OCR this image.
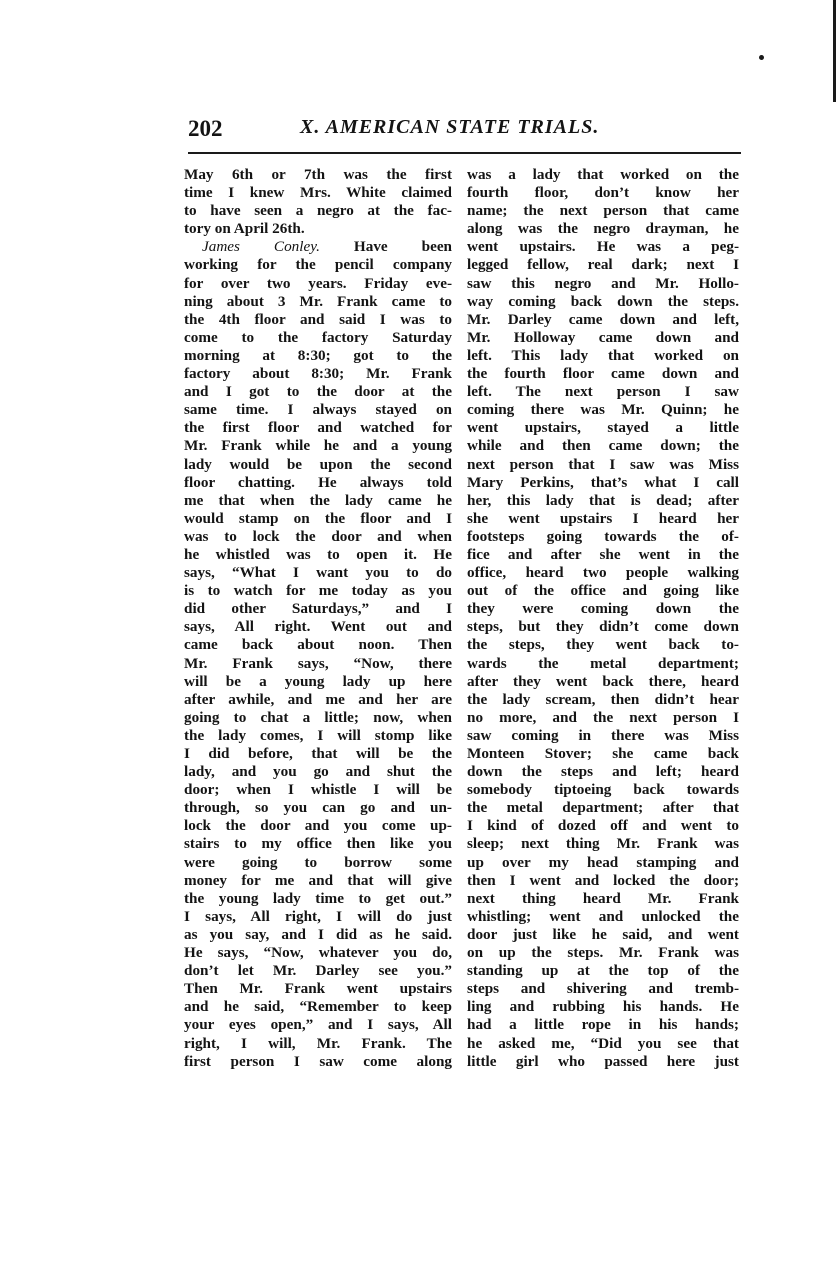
202	X. AMERICAN STATE TRIALS.
May 6th or 7th was the first
time I knew Mrs. White claimed
to have seen a negro at the fac-
tory on April 26th.
James Conley. Have been
working for the pencil company
for over two years. Friday eve-
ning about 3 Mr. Frank came to
the 4th floor and said I was to
come to the factory Saturday
morning at 8:30; got to the
factory about 8:30; Mr. Frank
and I got to the door at the
same time. I always stayed on
the first floor and watched for
Mr. Frank while he and a young
lady would be upon the second
floor chatting. He always told
me that when the lady came he
would stamp on the floor and I
was to lock the door and when
he whistled was to open it. He
says, “What I want you to do
is to watch for me today as you
did other Saturdays,” and I
says, All right. Went out and
came back about noon. Then
Mr. Frank says, “Now, there
will be a young lady up here
after awhile, and me and her are
going to chat a little; now, when
the lady comes, I will stomp like
I did before, that will be the
lady, and you go and shut the
door; when I whistle I will be
through, so you can go and un-
lock the door and you come up-
stairs to my office then like you
were going to borrow some
money for me and that will give
the young lady time to get out.”
I says, All right, I will do just
as you say, and I did as he said.
He says, “Now, whatever you do,
don’t let Mr. Darley see you.”
Then Mr. Frank went upstairs
and he said, “Remember to keep
your eyes open,” and I says, All
right, I will, Mr. Frank. The
first person I saw come along
was a lady that worked on the
fourth floor, don’t know her
name; the next person that came
along was the negro drayman, he
went upstairs. He was a peg-
legged fellow, real dark; next I
saw this negro and Mr. Hollo-
way coming back down the steps.
Mr. Darley came down and left,
Mr. Holloway came down and
left. This lady that worked on
the fourth floor came down and
left. The next person I saw
coming there was Mr. Quinn; he
went upstairs, stayed a little
while and then came down; the
next person that I saw was Miss
Mary Perkins, that’s what I call
her, this lady that is dead; after
she went upstairs I heard her
footsteps going towards the of-
fice and after she went in the
office, heard two people walking
out of the office and going like
they were coming down the
steps, but they didn’t come down
the steps, they went back to-
wards the metal department;
after they went back there, heard
the lady scream, then didn’t hear
no more, and the next person I
saw coming in there was Miss
Monteen Stover; she came back
down the steps and left; heard
somebody tiptoeing back towards
the metal department; after that
I kind of dozed off and went to
sleep; next thing Mr. Frank was
up over my head stamping and
then I went and locked the door;
next thing heard Mr. Frank
whistling; went and unlocked the
door just like he said, and went
on up the steps. Mr. Frank was
standing up at the top of the
steps and shivering and tremb-
ling and rubbing his hands. He
had a little rope in his hands;
he asked me, “Did you see that
little girl who passed here just
